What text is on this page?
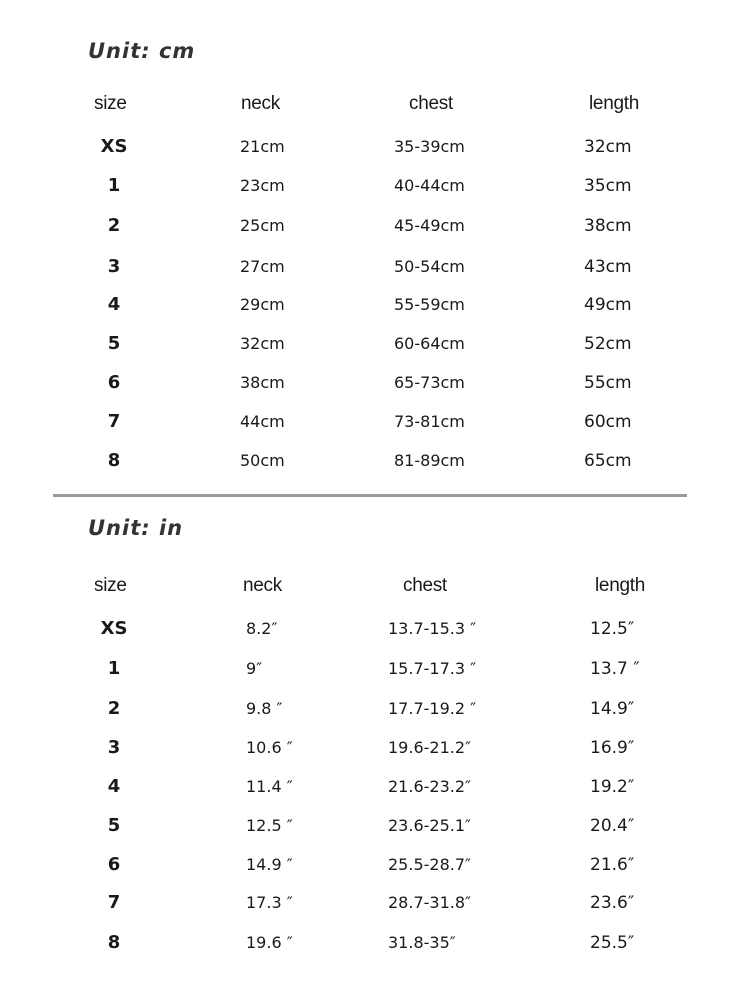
Unit: cm
size	neck	chest	length
XS	21cm	35-39cm	32cm
1	23cm	40-44cm	35cm
2	25cm	45-49cm	38cm
3	27cm	50-54cm	43cm
4	29cm	55-59cm	49cm
5	32cm	60-64cm	52cm
6	38cm	65-73cm	55cm
7	44cm	73-81cm	60cm
8	50cm	81-89cm	65cm
Unit: in
size	neck	chest	length
XS	8.2″	13.7-15.3 ″	12.5″
1	9″	15.7-17.3 ″	13.7 ″
2	9.8 ″	17.7-19.2 ″	14.9″
3	10.6 ″	19.6-21.2″	16.9″
4	11.4 ″	21.6-23.2″	19.2″
5	12.5 ″	23.6-25.1″	20.4″
6	14.9 ″	25.5-28.7″	21.6″
7	17.3 ″	28.7-31.8″	23.6″
8	19.6 ″	31.8-35″	25.5″
